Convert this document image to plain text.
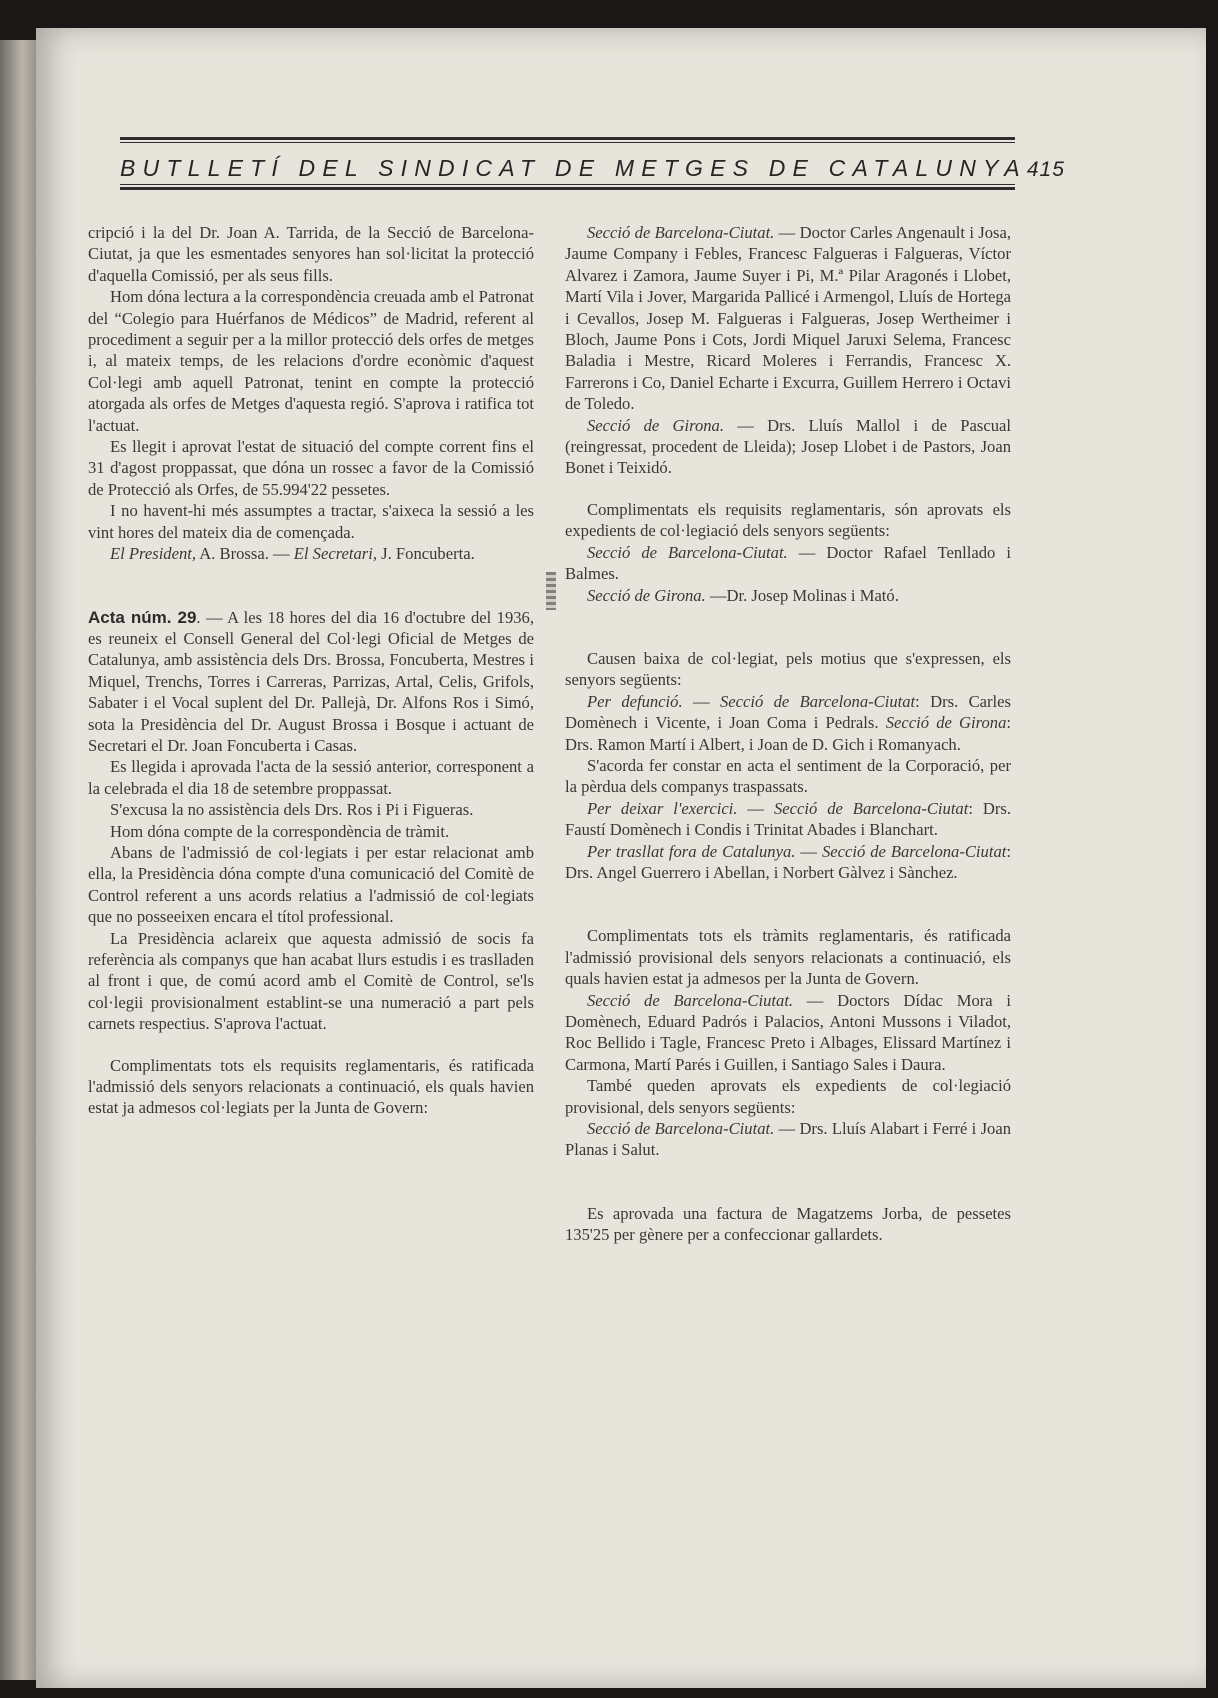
BUTLLETÍ DEL SINDICAT DE METGES DE CATALUNYA 415

cripció i la del Dr. Joan A. Tarrida, de la Secció de Barcelona-Ciutat, ja que les esmentades senyores han sol·licitat la protecció d'aquella Comissió, per als seus fills.

Hom dóna lectura a la correspondència creuada amb el Patronat del “Colegio para Huérfanos de Médicos” de Madrid, referent al procediment a seguir per a la millor protecció dels orfes de metges i, al mateix temps, de les relacions d'ordre econòmic d'aquest Col·legi amb aquell Patronat, tenint en compte la protecció atorgada als orfes de Metges d'aquesta regió. S'aprova i ratifica tot l'actuat.

Es llegit i aprovat l'estat de situació del compte corrent fins el 31 d'agost proppassat, que dóna un rossec a favor de la Comissió de Protecció als Orfes, de 55.994'22 pessetes.

I no havent-hi més assumptes a tractar, s'aixeca la sessió a les vint hores del mateix dia de començada.

El President, A. Brossa. — El Secretari, J. Foncuberta.

Acta núm. 29. — A les 18 hores del dia 16 d'octubre del 1936, es reuneix el Consell General del Col·legi Oficial de Metges de Catalunya, amb assistència dels Drs. Brossa, Foncuberta, Mestres i Miquel, Trenchs, Torres i Carreras, Parrizas, Artal, Celis, Grifols, Sabater i el Vocal suplent del Dr. Pallejà, Dr. Alfons Ros i Simó, sota la Presidència del Dr. August Brossa i Bosque i actuant de Secretari el Dr. Joan Foncuberta i Casas.

Es llegida i aprovada l'acta de la sessió anterior, corresponent a la celebrada el dia 18 de setembre proppassat.

S'excusa la no assistència dels Drs. Ros i Pi i Figueras.

Hom dóna compte de la correspondència de tràmit.

Abans de l'admissió de col·legiats i per estar relacionat amb ella, la Presidència dóna compte d'una comunicació del Comitè de Control referent a uns acords relatius a l'admissió de col·legiats que no posseeixen encara el títol professional.

La Presidència aclareix que aquesta admissió de socis fa referència als companys que han acabat llurs estudis i es traslladen al front i que, de comú acord amb el Comitè de Control, se'ls col·legii provisionalment establint-se una numeració a part pels carnets respectius. S'aprova l'actuat.

Complimentats tots els requisits reglamentaris, és ratificada l'admissió dels senyors relacionats a continuació, els quals havien estat ja admesos col·legiats per la Junta de Govern:

Secció de Barcelona-Ciutat. — Doctor Carles Angenault i Josa, Jaume Company i Febles, Francesc Falgueras i Falgueras, Víctor Alvarez i Zamora, Jaume Suyer i Pi, M.ª Pilar Aragonés i Llobet, Martí Vila i Jover, Margarida Pallicé i Armengol, Lluís de Hortega i Cevallos, Josep M. Falgueras i Falgueras, Josep Wertheimer i Bloch, Jaume Pons i Cots, Jordi Miquel Jaruxi Selema, Francesc Baladia i Mestre, Ricard Moleres i Ferrandis, Francesc X. Farrerons i Co, Daniel Echarte i Excurra, Guillem Herrero i Octavi de Toledo.

Secció de Girona. — Drs. Lluís Mallol i de Pascual (reingressat, procedent de Lleida); Josep Llobet i de Pastors, Joan Bonet i Teixidó.

Complimentats els requisits reglamentaris, són aprovats els expedients de col·legiació dels senyors següents:

Secció de Barcelona-Ciutat. — Doctor Rafael Tenllado i Balmes.

Secció de Girona. —Dr. Josep Molinas i Mató.

Causen baixa de col·legiat, pels motius que s'expressen, els senyors següents:

Per defunció. — Secció de Barcelona-Ciutat: Drs. Carles Domènech i Vicente, i Joan Coma i Pedrals. Secció de Girona: Drs. Ramon Martí i Albert, i Joan de D. Gich i Romanyach.

S'acorda fer constar en acta el sentiment de la Corporació, per la pèrdua dels companys traspassats.

Per deixar l'exercici. — Secció de Barcelona-Ciutat: Drs. Faustí Domènech i Condis i Trinitat Abades i Blanchart.

Per trasllat fora de Catalunya. — Secció de Barcelona-Ciutat: Drs. Angel Guerrero i Abellan, i Norbert Gàlvez i Sànchez.

Complimentats tots els tràmits reglamentaris, és ratificada l'admissió provisional dels senyors relacionats a continuació, els quals havien estat ja admesos per la Junta de Govern.

Secció de Barcelona-Ciutat. — Doctors Dídac Mora i Domènech, Eduard Padrós i Palacios, Antoni Mussons i Viladot, Roc Bellido i Tagle, Francesc Preto i Albages, Elissard Martínez i Carmona, Martí Parés i Guillen, i Santiago Sales i Daura.

També queden aprovats els expedients de col·legiació provisional, dels senyors següents:

Secció de Barcelona-Ciutat. — Drs. Lluís Alabart i Ferré i Joan Planas i Salut.

Es aprovada una factura de Magatzems Jorba, de pessetes 135'25 per gènere per a confeccionar gallardets.
